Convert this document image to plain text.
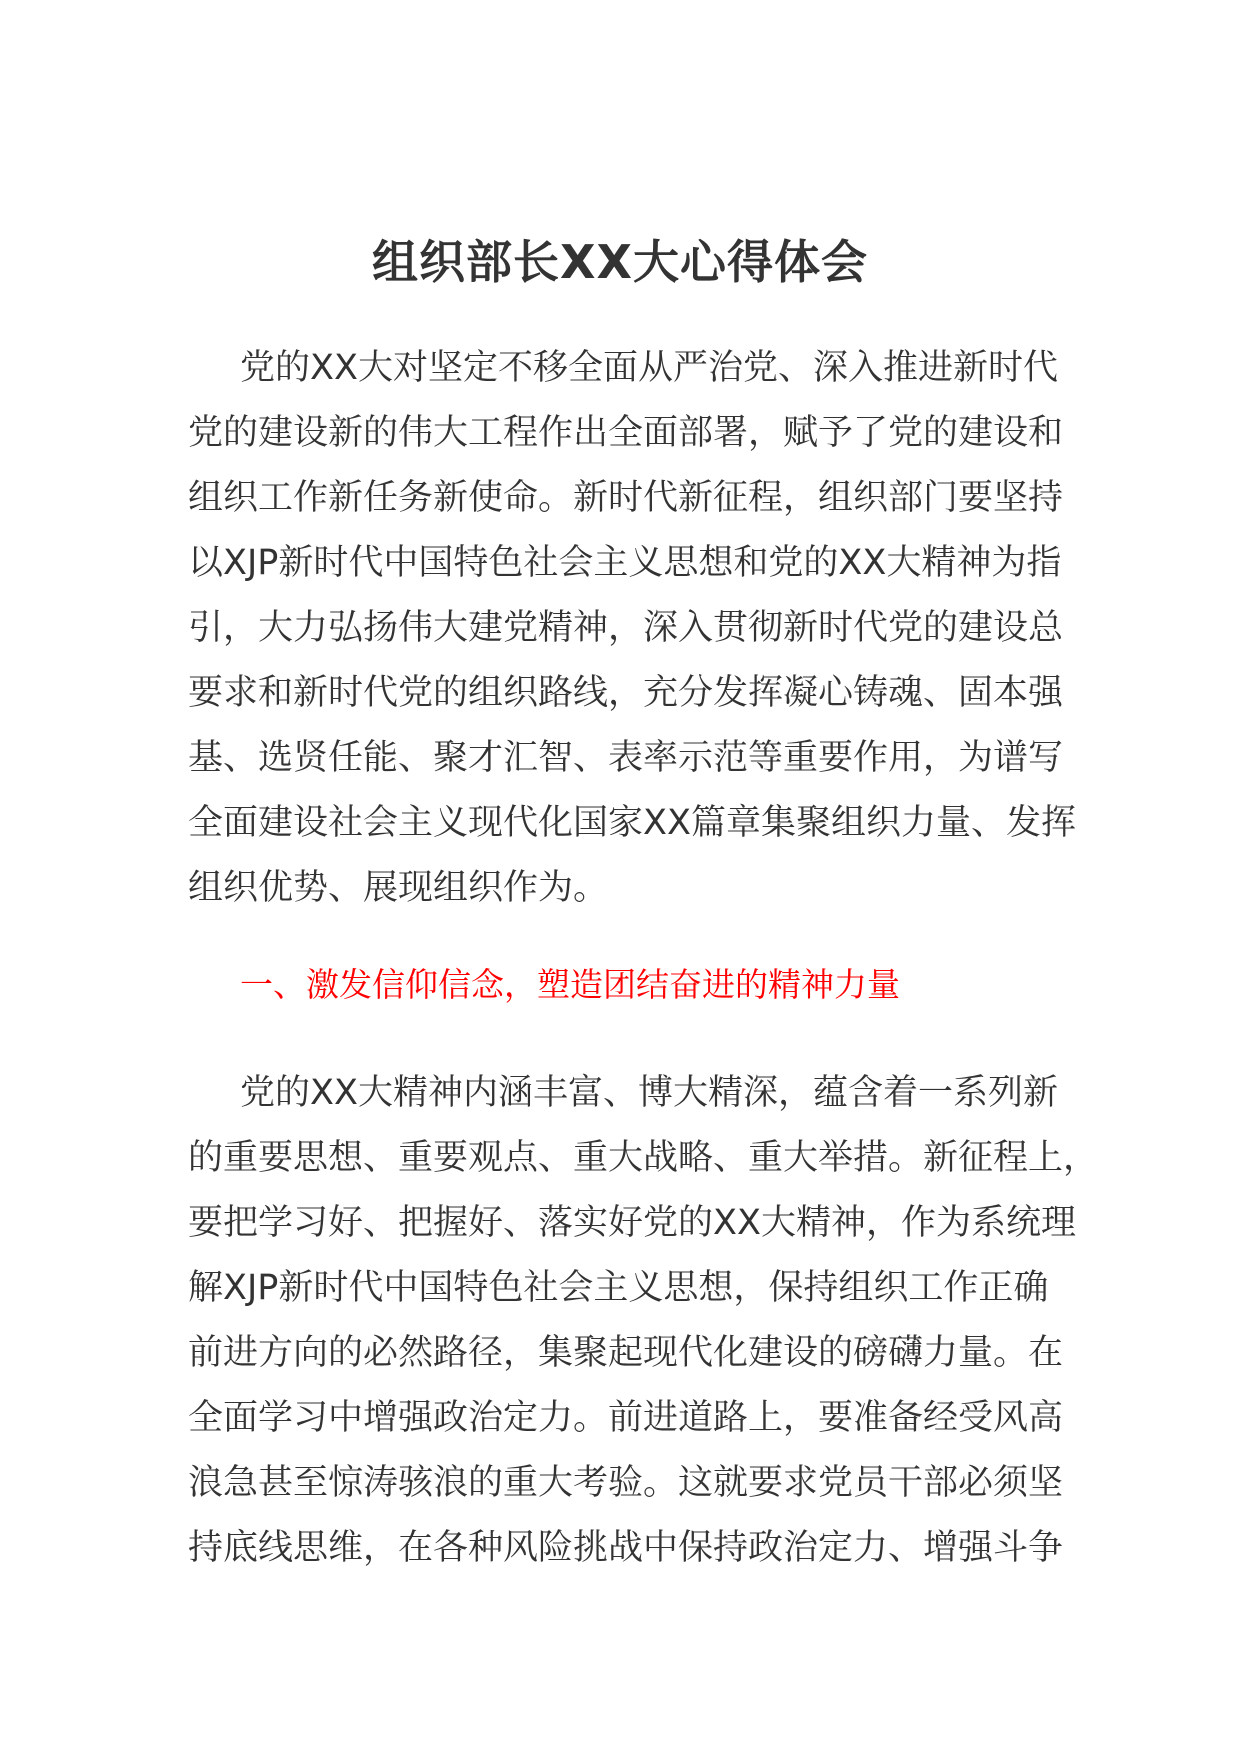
组织部长XX大心得体会
党的XX大对坚定不移全面从严治党、深入推进新时代
党的建设新的伟大工程作出全面部署，赋予了党的建设和
组织工作新任务新使命。新时代新征程，组织部门要坚持
以XJP新时代中国特色社会主义思想和党的XX大精神为指
引，大力弘扬伟大建党精神，深入贯彻新时代党的建设总
要求和新时代党的组织路线，充分发挥凝心铸魂、固本强
基、选贤任能、聚才汇智、表率示范等重要作用，为谱写
全面建设社会主义现代化国家XX篇章集聚组织力量、发挥
组织优势、展现组织作为。
一、激发信仰信念，塑造团结奋进的精神力量
党的XX大精神内涵丰富、博大精深，蕴含着一系列新
的重要思想、重要观点、重大战略、重大举措。新征程上，
要把学习好、把握好、落实好党的XX大精神，作为系统理
解XJP新时代中国特色社会主义思想，保持组织工作正确
前进方向的必然路径，集聚起现代化建设的磅礴力量。在
全面学习中增强政治定力。前进道路上，要准备经受风高
浪急甚至惊涛骇浪的重大考验。这就要求党员干部必须坚
持底线思维，在各种风险挑战中保持政治定力、增强斗争
